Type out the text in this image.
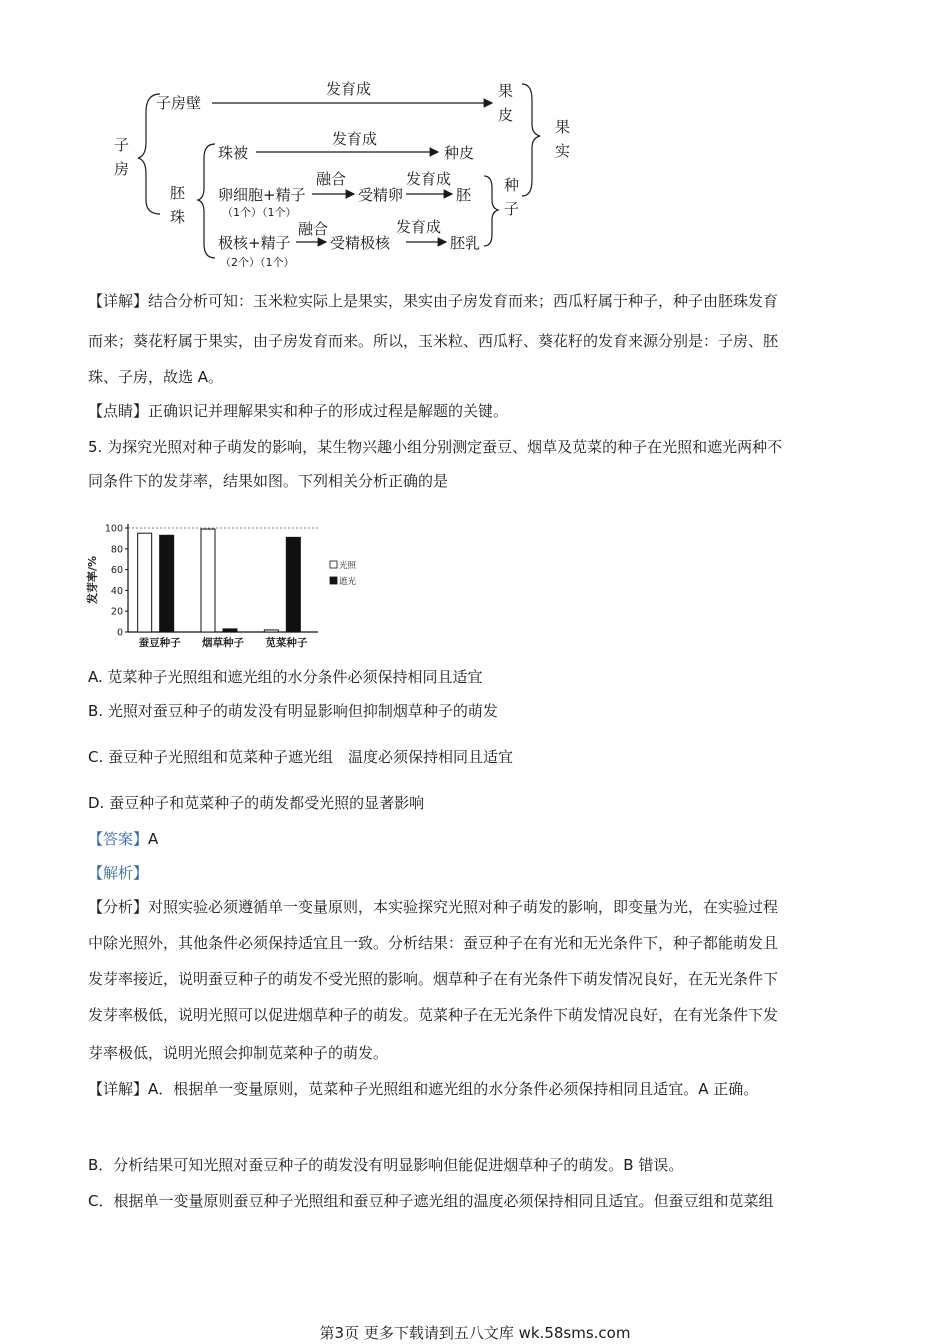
子
房
子房壁
发育成	果
皮
果
实
胚
珠
珠被
发育成
种皮
卵细胞+精子
（1个）（1个）
融合
受精卵
发育成
胚
极核+精子
（2个）（1个）
融合
受精极核
发育成
胚乳
种
子
【详解】结合分析可知：玉米粒实际上是果实，果实由子房发育而来；西瓜籽属于种子，种子由胚珠发育
而来；葵花籽属于果实，由子房发育而来。所以，玉米粒、西瓜籽、葵花籽的发育来源分别是：子房、胚
珠、子房，故选 A。
【点睛】正确识记并理解果实和种子的形成过程是解题的关键。
5. 为探究光照对种子萌发的影响，某生物兴趣小组分别测定蚕豆、烟草及苋菜的种子在光照和遮光两种不
同条件下的发芽率，结果如图。下列相关分析正确的是
发芽率/%
0
20
40
60
80
100
蚕豆种子 烟草种子 苋菜种子
光照
遮光
A. 苋菜种子光照组和遮光组的水分条件必须保持相同且适宜
B. 光照对蚕豆种子的萌发没有明显影响但抑制烟草种子的萌发
C. 蚕豆种子光照组和苋菜种子遮光组　温度必须保持相同且适宜
D. 蚕豆种子和苋菜种子的萌发都受光照的显著影响
【答案】A
【解析】
【分析】对照实验必须遵循单一变量原则，本实验探究光照对种子萌发的影响，即变量为光，在实验过程
中除光照外，其他条件必须保持适宜且一致。分析结果：蚕豆种子在有光和无光条件下，种子都能萌发且
发芽率接近，说明蚕豆种子的萌发不受光照的影响。烟草种子在有光条件下萌发情况良好，在无光条件下
发芽率极低，说明光照可以促进烟草种子的萌发。苋菜种子在无光条件下萌发情况良好，在有光条件下发
芽率极低，说明光照会抑制苋菜种子的萌发。
【详解】A．根据单一变量原则，苋菜种子光照组和遮光组的水分条件必须保持相同且适宜。A 正确。
B．分析结果可知光照对蚕豆种子的萌发没有明显影响但能促进烟草种子的萌发。B 错误。
C．根据单一变量原则蚕豆种子光照组和蚕豆种子遮光组的温度必须保持相同且适宜。但蚕豆组和苋菜组
第3页 更多下载请到五八文库 wk.58sms.com
